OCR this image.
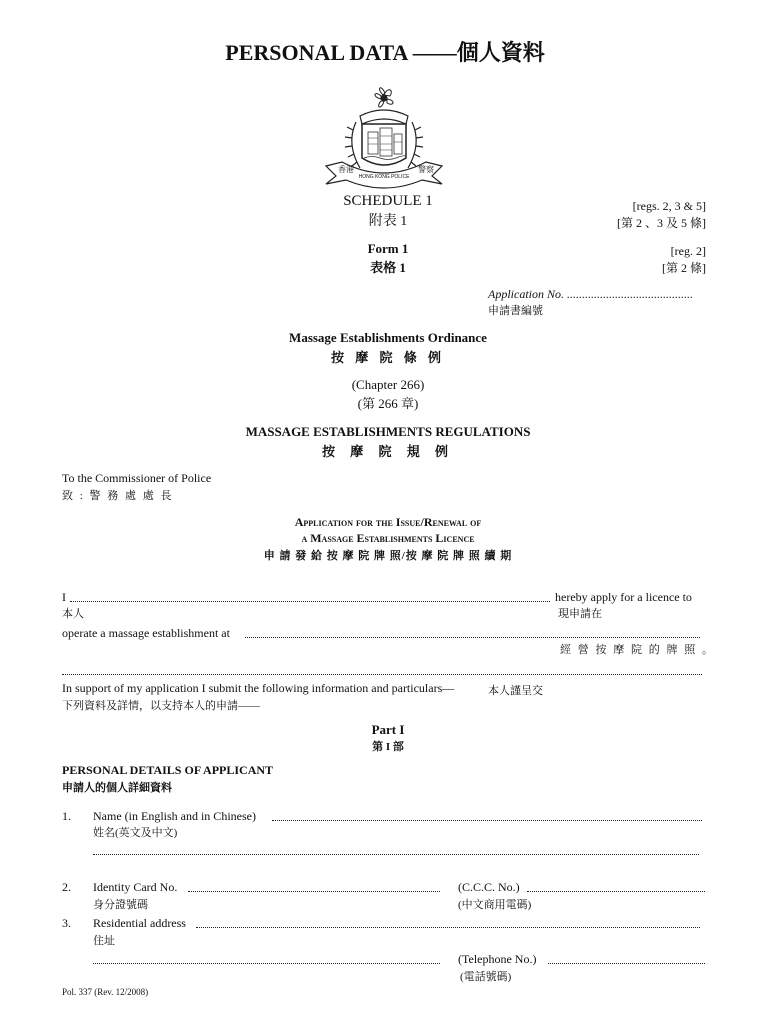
PERSONAL DATA ——個人資料
HONG KONG POLICE
香港	警察
SCHEDULE 1
附表 1
[regs. 2, 3 & 5]
[第 2 、3 及 5 條]
Form 1
表格 1
[reg. 2]
[第 2 條]
Application No. ..........................................
申請書編號
Massage Establishments Ordinance
按 摩 院 條 例
(Chapter 266)
(第 266 章)
MASSAGE ESTABLISHMENTS REGULATIONS
按 摩 院 規 例
To the Commissioner of Police
致 : 警 務 處 處 長
Application for the Issue/Renewal of
a Massage Establishments Licence
申 請 發 給 按 摩 院 牌 照/按 摩 院 牌 照 續 期
I	hereby apply for a licence to
本人	現申請在
operate a massage establishment at
經 營 按 摩 院 的 牌 照 。
In support of my application I submit the following information and particulars—	本人謹呈交
下列資料及詳情，以支持本人的申請——
Part I
第 I 部
PERSONAL DETAILS OF APPLICANT
申請人的個人詳細資料
1. Name (in English and in Chinese)
姓名(英文及中文)
2. Identity Card No.
身分證號碼
(C.C.C. No.)
(中文商用電碼)
3. Residential address
住址
(Telephone No.)
(電話號碼)
Pol. 337 (Rev. 12/2008)
